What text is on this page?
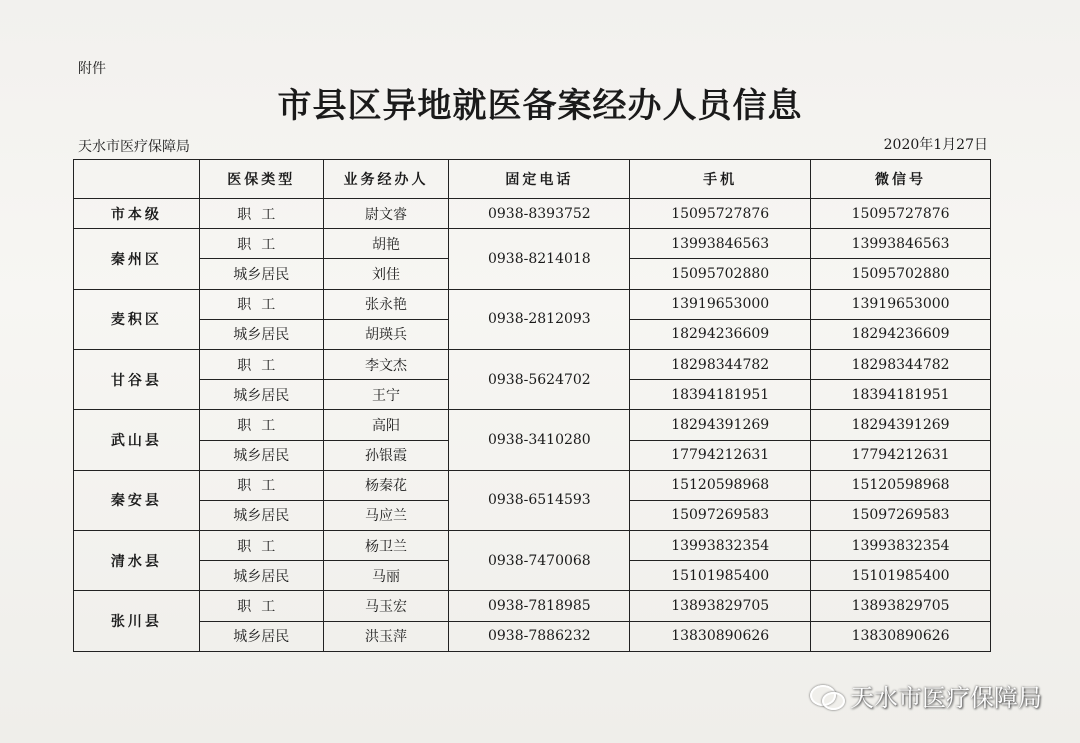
附件
市县区异地就医备案经办人员信息
天水市医疗保障局	2020年1月27日
	医保类型	业务经办人	固定电话	手机	微信号
市本级	职工	尉文睿	0938-8393752	15095727876	15095727876
秦州区	职工	胡艳	0938-8214018	13993846563	13993846563
	城乡居民	刘佳		15095702880	15095702880
麦积区	职工	张永艳	0938-2812093	13919653000	13919653000
	城乡居民	胡瑛兵		18294236609	18294236609
甘谷县	职工	李文杰	0938-5624702	18298344782	18298344782
	城乡居民	王宁		18394181951	18394181951
武山县	职工	高阳	0938-3410280	18294391269	18294391269
	城乡居民	孙银霞		17794212631	17794212631
秦安县	职工	杨秦花	0938-6514593	15120598968	15120598968
	城乡居民	马应兰		15097269583	15097269583
清水县	职工	杨卫兰	0938-7470068	13993832354	13993832354
	城乡居民	马丽		15101985400	15101985400
张川县	职工	马玉宏	0938-7818985	13893829705	13893829705
	城乡居民	洪玉萍	0938-7886232	13830890626	13830890626
天水市医疗保障局
